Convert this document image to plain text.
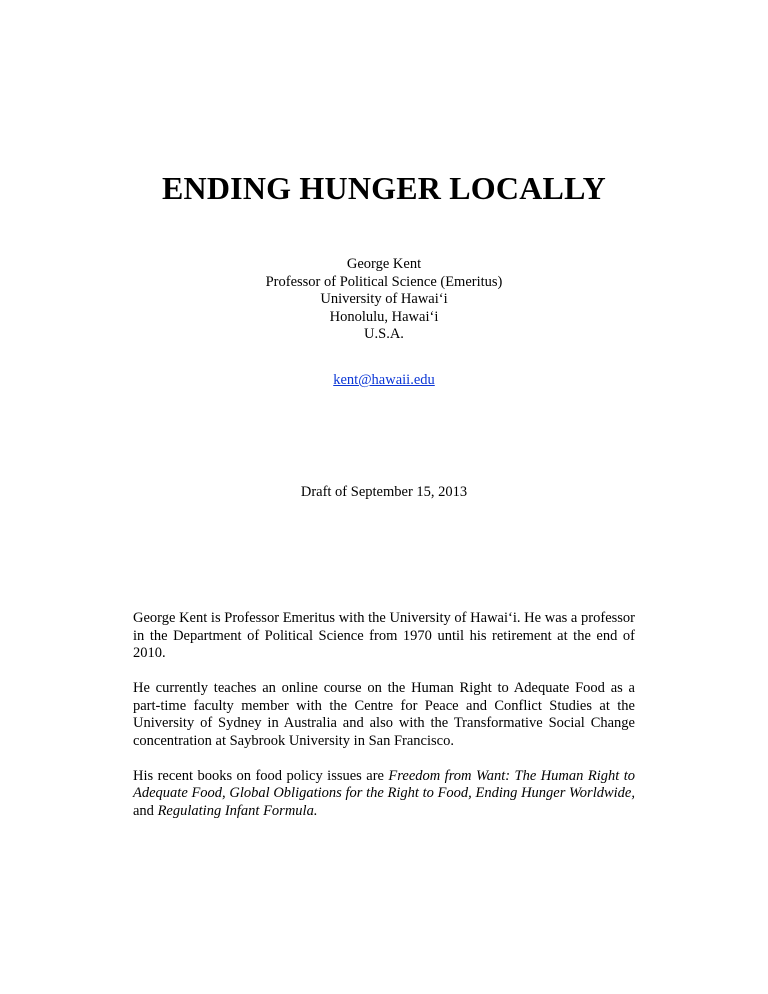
ENDING HUNGER LOCALLY
George Kent
Professor of Political Science (Emeritus)
University of Hawai‘i
Honolulu, Hawai‘i
U.S.A.
kent@hawaii.edu
Draft of September 15, 2013

George Kent is Professor Emeritus with the University of Hawai‘i. He was a professor in the Department of Political Science from 1970 until his retirement at the end of 2010.

He currently teaches an online course on the Human Right to Adequate Food as a part-time faculty member with the Centre for Peace and Conflict Studies at the University of Sydney in Australia and also with the Transformative Social Change concentration at Saybrook University in San Francisco.

His recent books on food policy issues are Freedom from Want: The Human Right to Adequate Food, Global Obligations for the Right to Food, Ending Hunger Worldwide, and Regulating Infant Formula.
